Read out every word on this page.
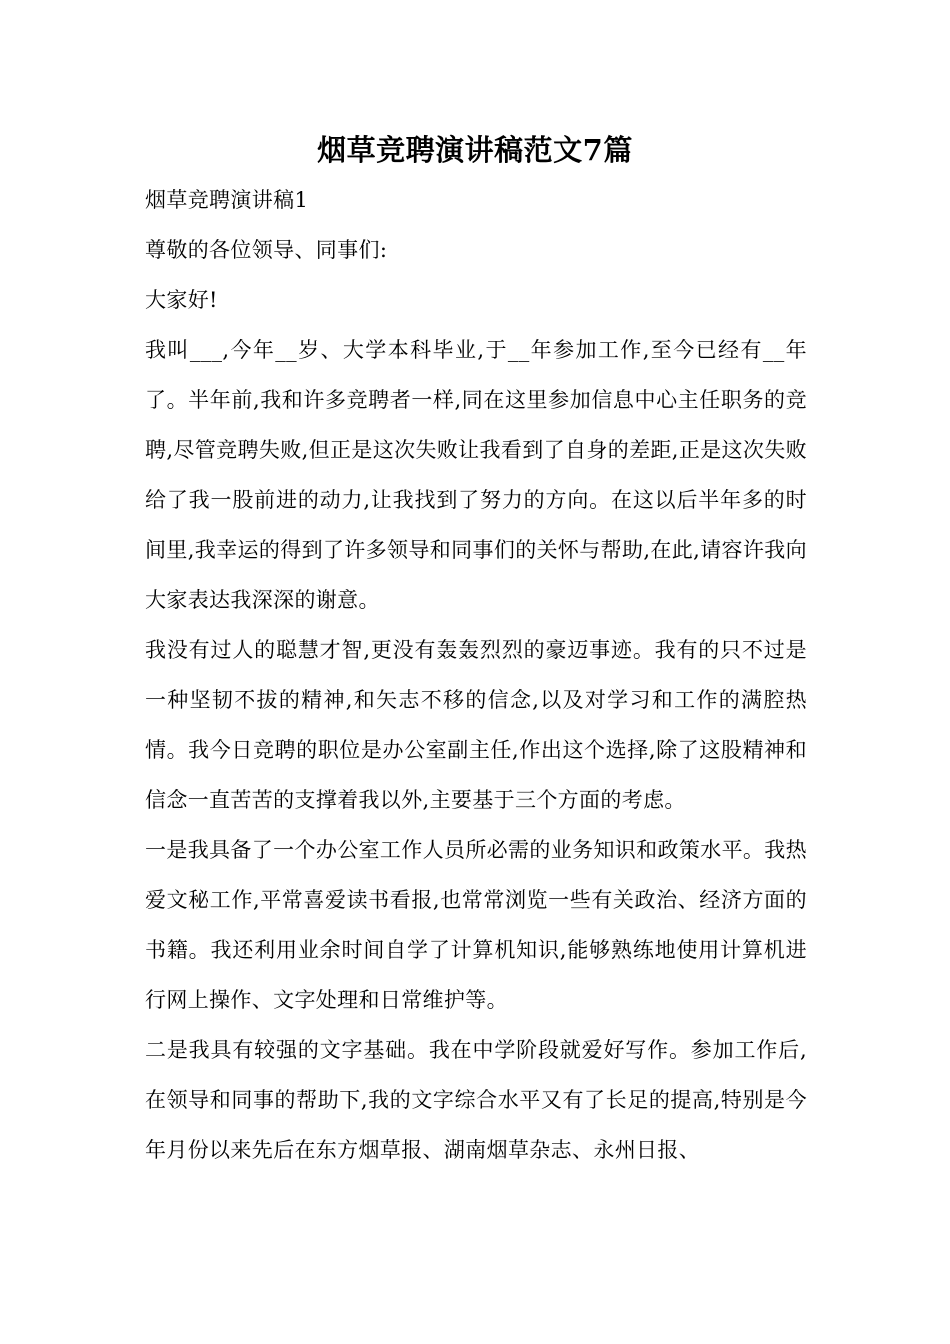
烟草竞聘演讲稿范文7篇

烟草竞聘演讲稿1

尊敬的各位领导、同事们:

大家好!

我叫___,今年__岁、大学本科毕业,于__年参加工作,至今已经有__年了。半年前,我和许多竞聘者一样,同在这里参加信息中心主任职务的竞聘,尽管竞聘失败,但正是这次失败让我看到了自身的差距,正是这次失败给了我一股前进的动力,让我找到了努力的方向。在这以后半年多的时间里,我幸运的得到了许多领导和同事们的关怀与帮助,在此,请容许我向大家表达我深深的谢意。

我没有过人的聪慧才智,更没有轰轰烈烈的豪迈事迹。我有的只不过是一种坚韧不拔的精神,和矢志不移的信念,以及对学习和工作的满腔热情。我今日竞聘的职位是办公室副主任,作出这个选择,除了这股精神和信念一直苦苦的支撑着我以外,主要基于三个方面的考虑。

一是我具备了一个办公室工作人员所必需的业务知识和政策水平。我热爱文秘工作,平常喜爱读书看报,也常常浏览一些有关政治、经济方面的书籍。我还利用业余时间自学了计算机知识,能够熟练地使用计算机进行网上操作、文字处理和日常维护等。

二是我具有较强的文字基础。我在中学阶段就爱好写作。参加工作后,在领导和同事的帮助下,我的文字综合水平又有了长足的提高,特别是今年月份以来先后在东方烟草报、湖南烟草杂志、永州日报、
